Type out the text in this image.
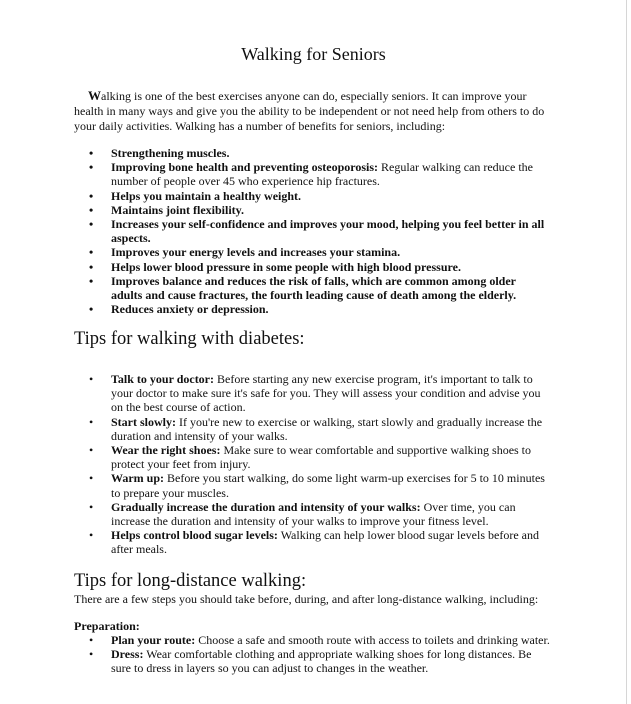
Walking for Seniors

Walking is one of the best exercises anyone can do, especially seniors. It can improve your health in many ways and give you the ability to be independent or not need help from others to do your daily activities. Walking has a number of benefits for seniors, including:

• Strengthening muscles.
• Improving bone health and preventing osteoporosis: Regular walking can reduce the number of people over 45 who experience hip fractures.
• Helps you maintain a healthy weight.
• Maintains joint flexibility.
• Increases your self-confidence and improves your mood, helping you feel better in all aspects.
• Improves your energy levels and increases your stamina.
• Helps lower blood pressure in some people with high blood pressure.
• Improves balance and reduces the risk of falls, which are common among older adults and cause fractures, the fourth leading cause of death among the elderly.
• Reduces anxiety or depression.
Tips for walking with diabetes:
• Talk to your doctor: Before starting any new exercise program, it's important to talk to your doctor to make sure it's safe for you. They will assess your condition and advise you on the best course of action.
• Start slowly: If you're new to exercise or walking, start slowly and gradually increase the duration and intensity of your walks.
• Wear the right shoes: Make sure to wear comfortable and supportive walking shoes to protect your feet from injury.
• Warm up: Before you start walking, do some light warm-up exercises for 5 to 10 minutes to prepare your muscles.
• Gradually increase the duration and intensity of your walks: Over time, you can increase the duration and intensity of your walks to improve your fitness level.
• Helps control blood sugar levels: Walking can help lower blood sugar levels before and after meals.
Tips for long-distance walking:

There are a few steps you should take before, during, and after long-distance walking, including:

Preparation:

• Plan your route: Choose a safe and smooth route with access to toilets and drinking water.
• Dress: Wear comfortable clothing and appropriate walking shoes for long distances. Be sure to dress in layers so you can adjust to changes in the weather.
